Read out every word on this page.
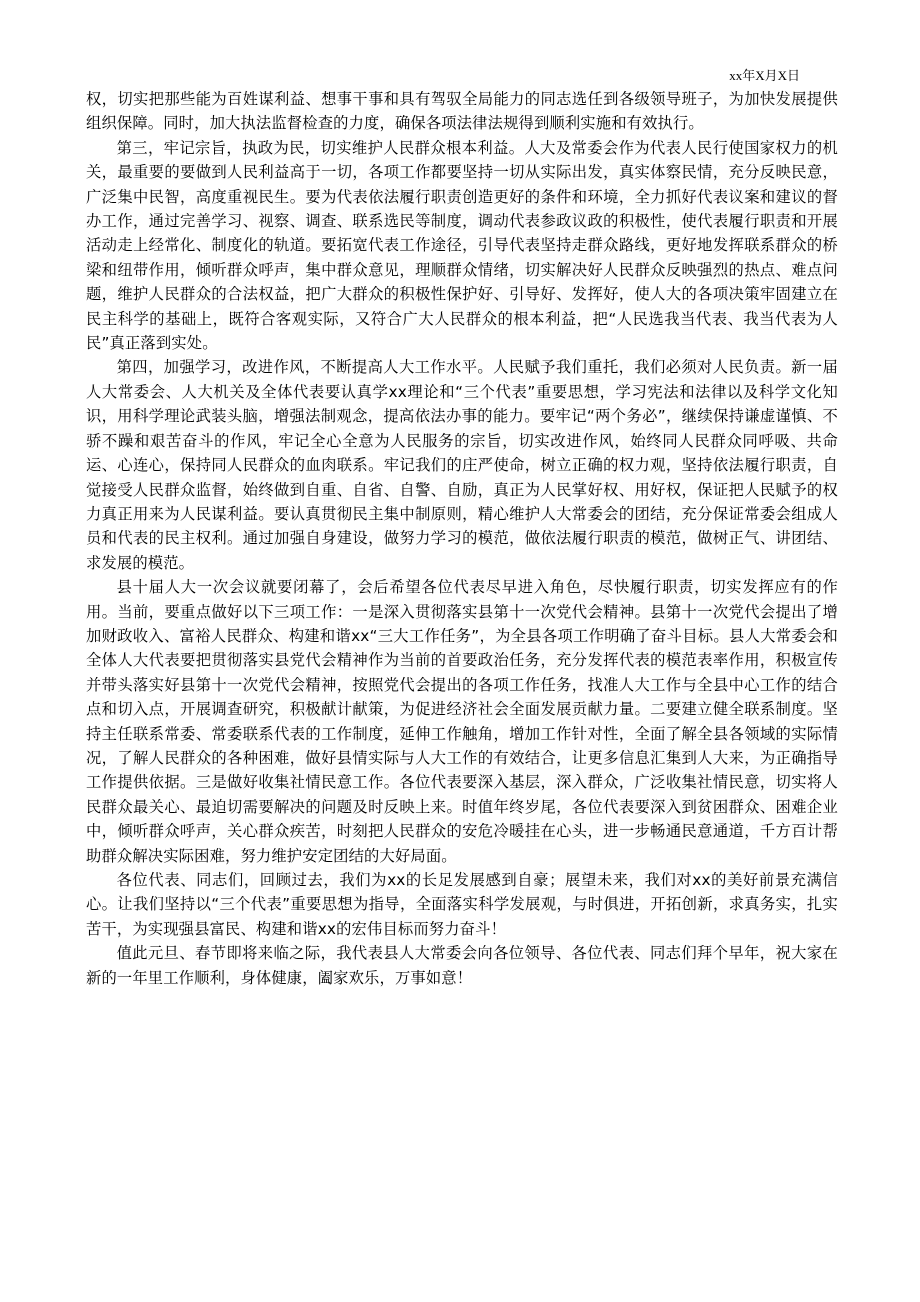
xx年X月X日

权，切实把那些能为百姓谋利益、想事干事和具有驾驭全局能力的同志选任到各级领导班子，为加快发展提供组织保障。同时，加大执法监督检查的力度，确保各项法律法规得到顺利实施和有效执行。

第三，牢记宗旨，执政为民，切实维护人民群众根本利益。人大及常委会作为代表人民行使国家权力的机关，最重要的要做到人民利益高于一切，各项工作都要坚持一切从实际出发，真实体察民情，充分反映民意，广泛集中民智，高度重视民生。要为代表依法履行职责创造更好的条件和环境，全力抓好代表议案和建议的督办工作，通过完善学习、视察、调查、联系选民等制度，调动代表参政议政的积极性，使代表履行职责和开展活动走上经常化、制度化的轨道。要拓宽代表工作途径，引导代表坚持走群众路线，更好地发挥联系群众的桥梁和纽带作用，倾听群众呼声，集中群众意见，理顺群众情绪，切实解决好人民群众反映强烈的热点、难点问题，维护人民群众的合法权益，把广大群众的积极性保护好、引导好、发挥好，使人大的各项决策牢固建立在民主科学的基础上，既符合客观实际，又符合广大人民群众的根本利益，把“人民选我当代表、我当代表为人民”真正落到实处。

第四，加强学习，改进作风，不断提高人大工作水平。人民赋予我们重托，我们必须对人民负责。新一届人大常委会、人大机关及全体代表要认真学xx理论和“三个代表”重要思想，学习宪法和法律以及科学文化知识，用科学理论武装头脑，增强法制观念，提高依法办事的能力。要牢记“两个务必”，继续保持谦虚谨慎、不骄不躁和艰苦奋斗的作风，牢记全心全意为人民服务的宗旨，切实改进作风，始终同人民群众同呼吸、共命运、心连心，保持同人民群众的血肉联系。牢记我们的庄严使命，树立正确的权力观，坚持依法履行职责，自觉接受人民群众监督，始终做到自重、自省、自警、自励，真正为人民掌好权、用好权，保证把人民赋予的权力真正用来为人民谋利益。要认真贯彻民主集中制原则，精心维护人大常委会的团结，充分保证常委会组成人员和代表的民主权利。通过加强自身建设，做努力学习的模范，做依法履行职责的模范，做树正气、讲团结、求发展的模范。

县十届人大一次会议就要闭幕了，会后希望各位代表尽早进入角色，尽快履行职责，切实发挥应有的作用。当前，要重点做好以下三项工作：一是深入贯彻落实县第十一次党代会精神。县第十一次党代会提出了增加财政收入、富裕人民群众、构建和谐xx“三大工作任务”，为全县各项工作明确了奋斗目标。县人大常委会和全体人大代表要把贯彻落实县党代会精神作为当前的首要政治任务，充分发挥代表的模范表率作用，积极宣传并带头落实好县第十一次党代会精神，按照党代会提出的各项工作任务，找准人大工作与全县中心工作的结合点和切入点，开展调查研究，积极献计献策，为促进经济社会全面发展贡献力量。二要建立健全联系制度。坚持主任联系常委、常委联系代表的工作制度，延伸工作触角，增加工作针对性，全面了解全县各领域的实际情况，了解人民群众的各种困难，做好县情实际与人大工作的有效结合，让更多信息汇集到人大来，为正确指导工作提供依据。三是做好收集社情民意工作。各位代表要深入基层，深入群众，广泛收集社情民意，切实将人民群众最关心、最迫切需要解决的问题及时反映上来。时值年终岁尾，各位代表要深入到贫困群众、困难企业中，倾听群众呼声，关心群众疾苦，时刻把人民群众的安危冷暖挂在心头，进一步畅通民意通道，千方百计帮助群众解决实际困难，努力维护安定团结的大好局面。

各位代表、同志们，回顾过去，我们为xx的长足发展感到自豪；展望未来，我们对xx的美好前景充满信心。让我们坚持以“三个代表”重要思想为指导，全面落实科学发展观，与时俱进，开拓创新，求真务实，扎实苦干，为实现强县富民、构建和谐xx的宏伟目标而努力奋斗！

值此元旦、春节即将来临之际，我代表县人大常委会向各位领导、各位代表、同志们拜个早年，祝大家在新的一年里工作顺利，身体健康，阖家欢乐，万事如意！
